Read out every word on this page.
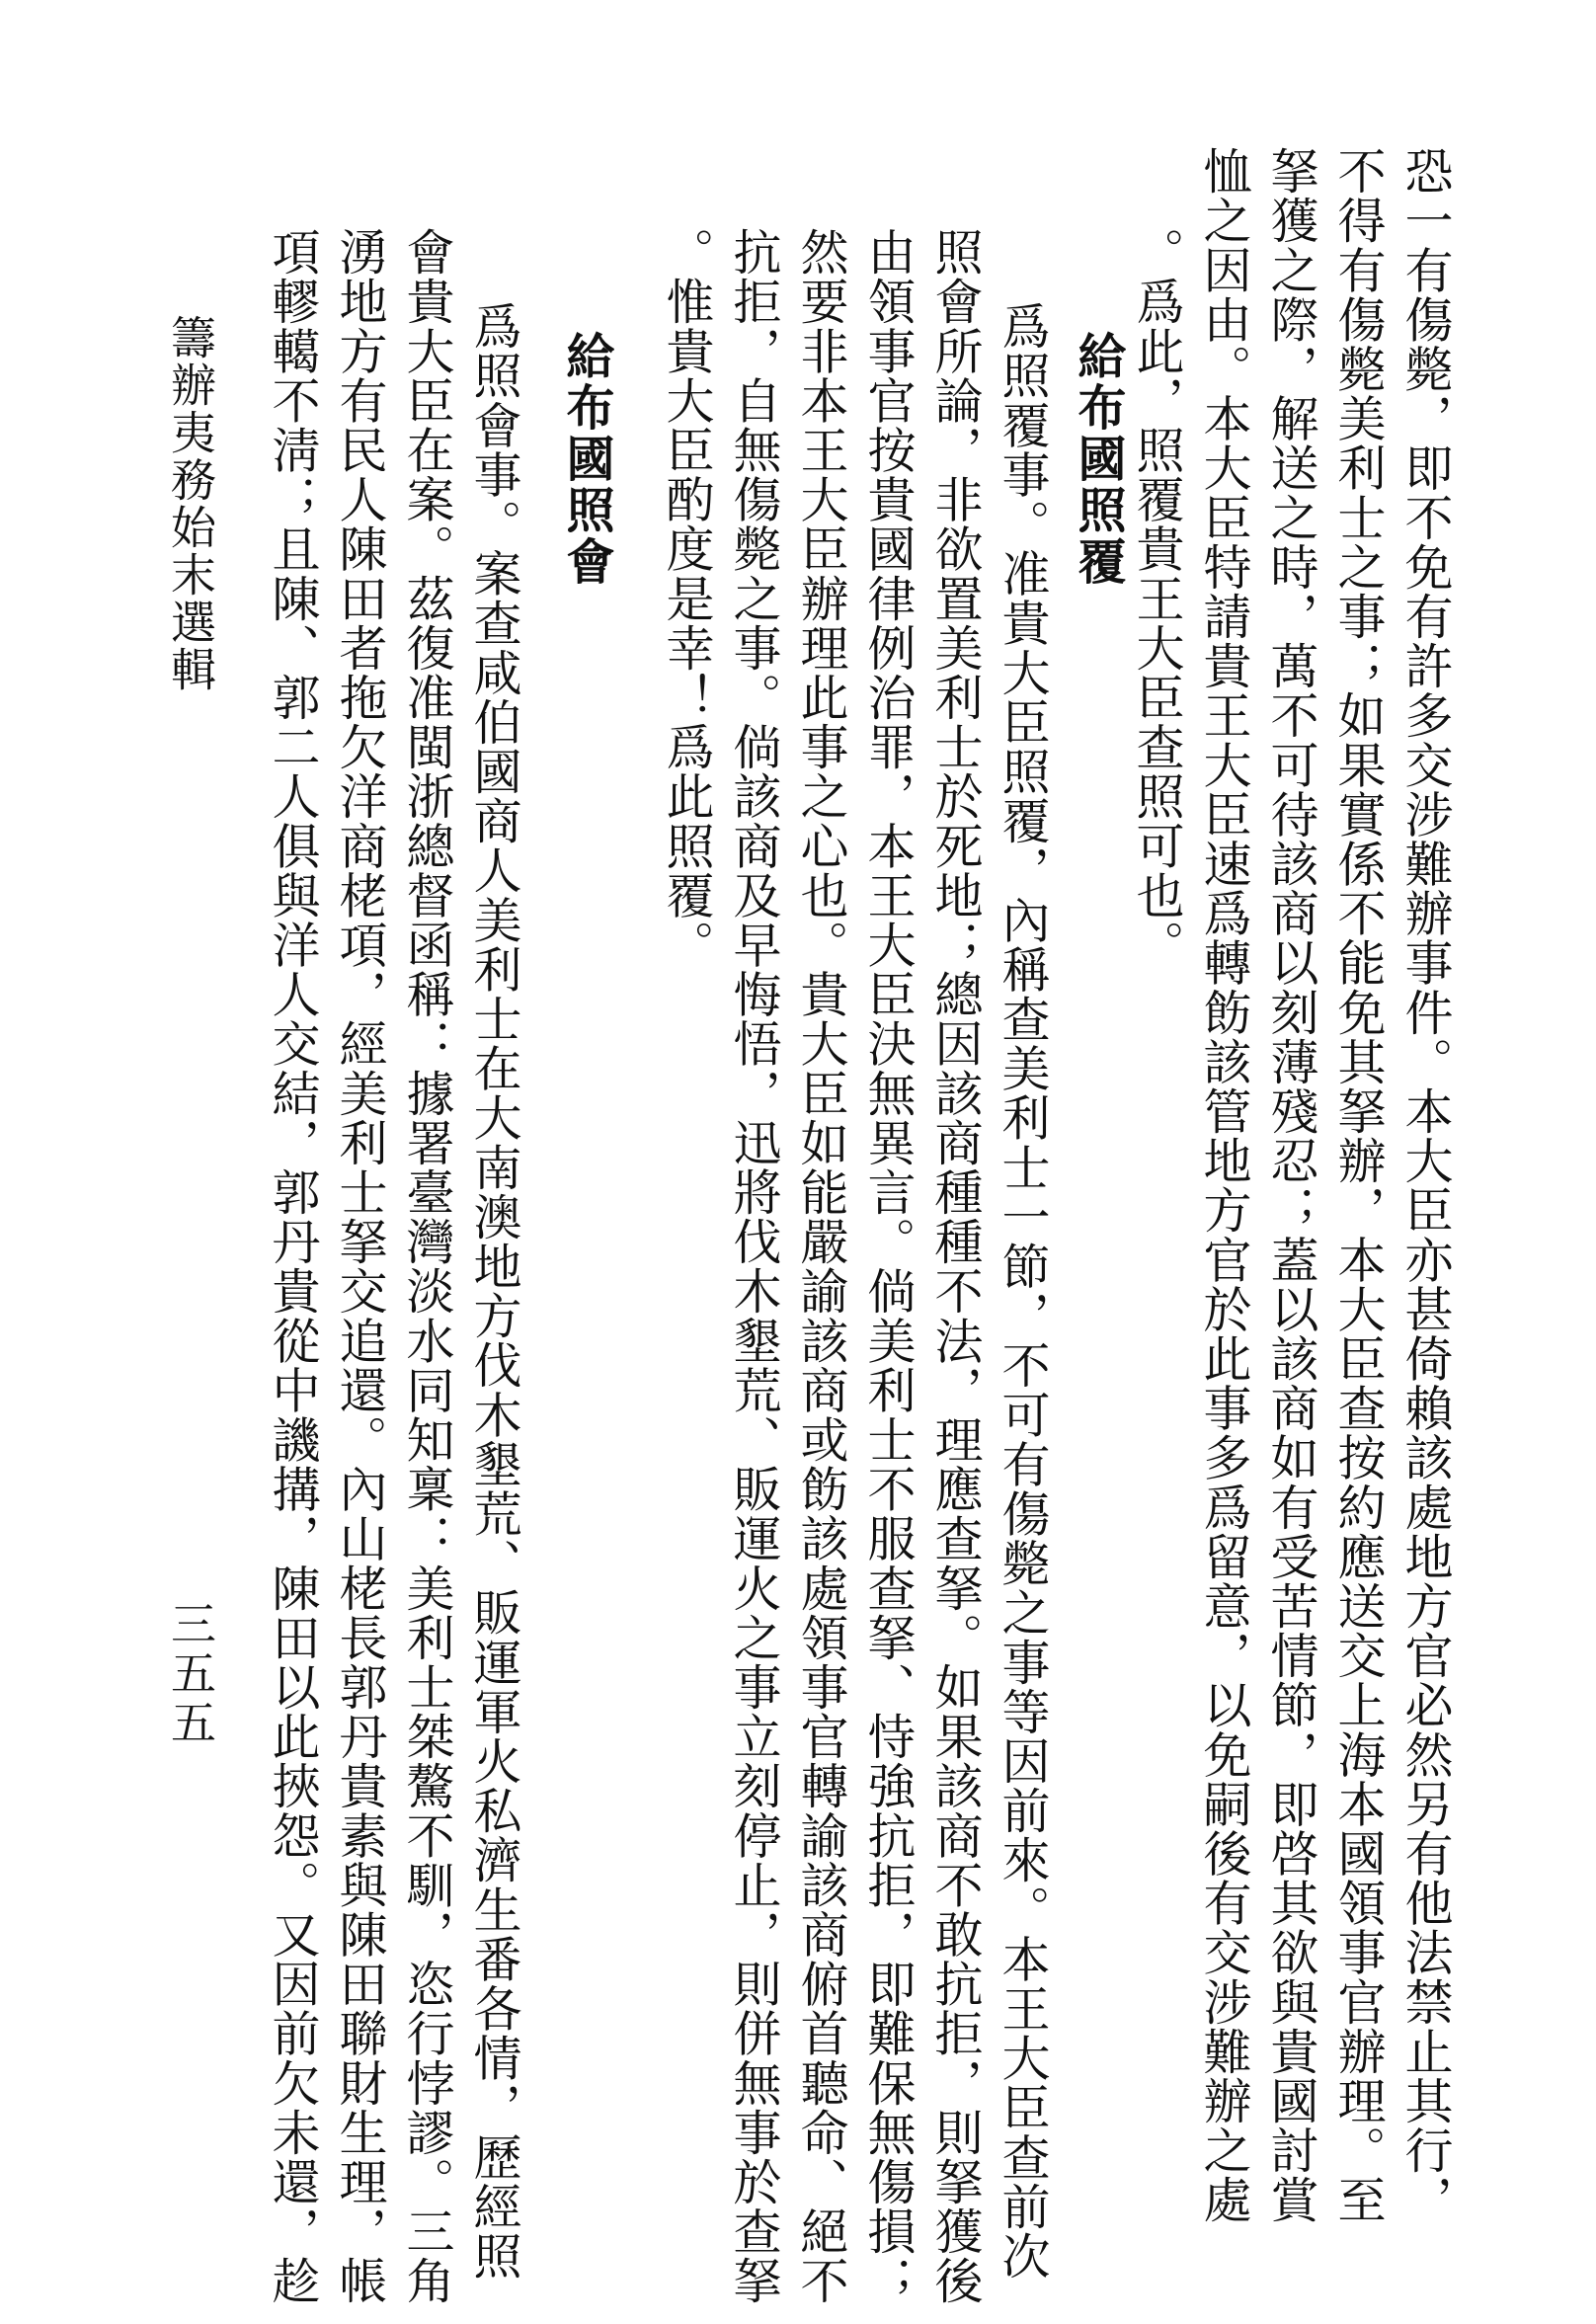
恐一有傷斃，即不免有許多交涉難辦事件。本大臣亦甚倚賴該處地方官必然另有他法禁止其行，
不得有傷斃美利士之事；如果實係不能免其拏辦，本大臣查按約應送交上海本國領事官辦理。至
拏獲之際，解送之時，萬不可待該商以刻薄殘忍；蓋以該商如有受苦情節，即啓其欲與貴國討賞
恤之因由。本大臣特請貴王大臣速爲轉飭該管地方官於此事多爲留意，以免嗣後有交涉難辦之處
。爲此，照覆貴王大臣查照可也。
給布國照覆
爲照覆事。准貴大臣照覆，內稱查美利士一節，不可有傷斃之事等因前來。本王大臣查前次
照會所論，非欲置美利士於死地；總因該商種種不法，理應查拏。如果該商不敢抗拒，則拏獲後
由領事官按貴國律例治罪，本王大臣決無異言。倘美利士不服查拏、恃強抗拒，即難保無傷損；
然要非本王大臣辦理此事之心也。貴大臣如能嚴諭該商或飭該處領事官轉諭該商俯首聽命、絕不
抗拒，自無傷斃之事。倘該商及早悔悟，迅將伐木墾荒、販運火之事立刻停止，則併無事於查拏
。惟貴大臣酌度是幸！爲此照覆。
給布國照會
爲照會事。案查咸伯國商人美利士在大南澳地方伐木墾荒、販運軍火私濟生番各情，歷經照
會貴大臣在案。茲復准閩浙總督函稱：據署臺灣淡水同知稟：美利士桀驁不馴，恣行悖謬。三角
湧地方有民人陳田者拖欠洋商栳項，經美利士拏交追還。內山栳長郭丹貴素與陳田聯財生理，帳
項轇轕不淸；且陳、郭二人俱與洋人交結，郭丹貴從中譏搆，陳田以此挾怨。又因前欠未還，趁
籌辦夷務始末選輯
三五五
